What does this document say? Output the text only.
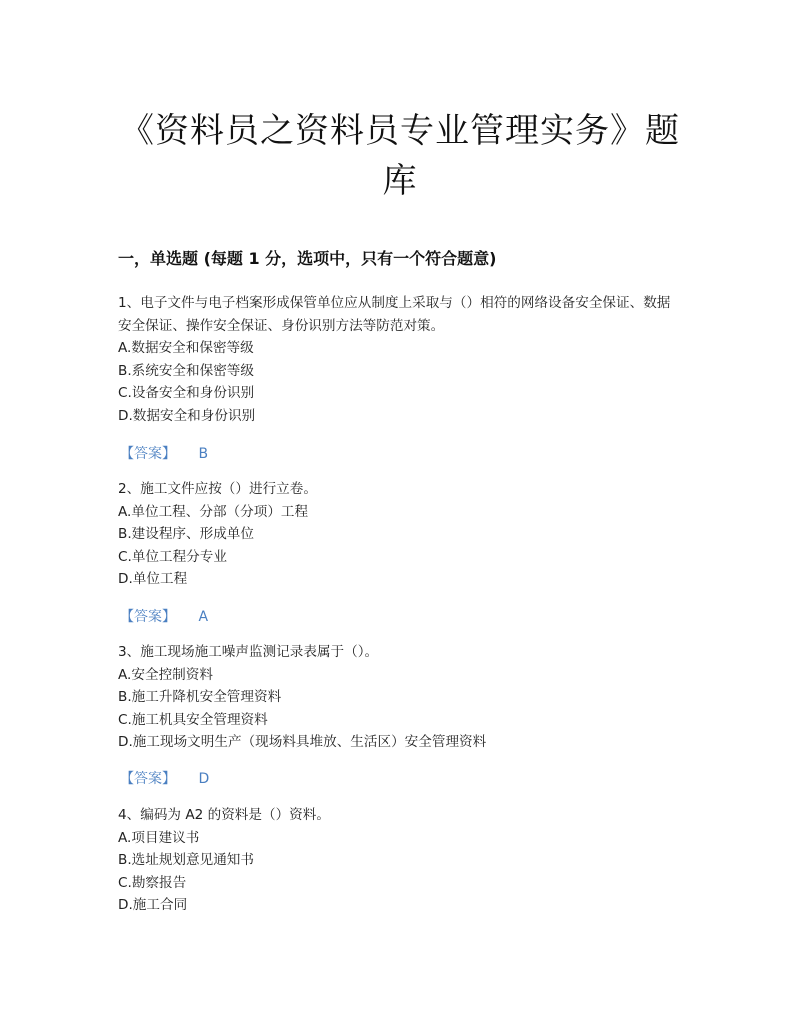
《资料员之资料员专业管理实务》题库
一，单选题 (每题 1 分，选项中，只有一个符合题意)
1、电子文件与电子档案形成保管单位应从制度上采取与（）相符的网络设备安全保证、数据安全保证、操作安全保证、身份识别方法等防范对策。
A.数据安全和保密等级
B.系统安全和保密等级
C.设备安全和身份识别
D.数据安全和身份识别
【答案】 B
2、施工文件应按（）进行立卷。
A.单位工程、分部（分项）工程
B.建设程序、形成单位
C.单位工程分专业
D.单位工程
【答案】 A
3、施工现场施工噪声监测记录表属于（）。
A.安全控制资料
B.施工升降机安全管理资料
C.施工机具安全管理资料
D.施工现场文明生产（现场料具堆放、生活区）安全管理资料
【答案】 D
4、编码为 A2 的资料是（）资料。
A.项目建议书
B.选址规划意见通知书
C.勘察报告
D.施工合同
